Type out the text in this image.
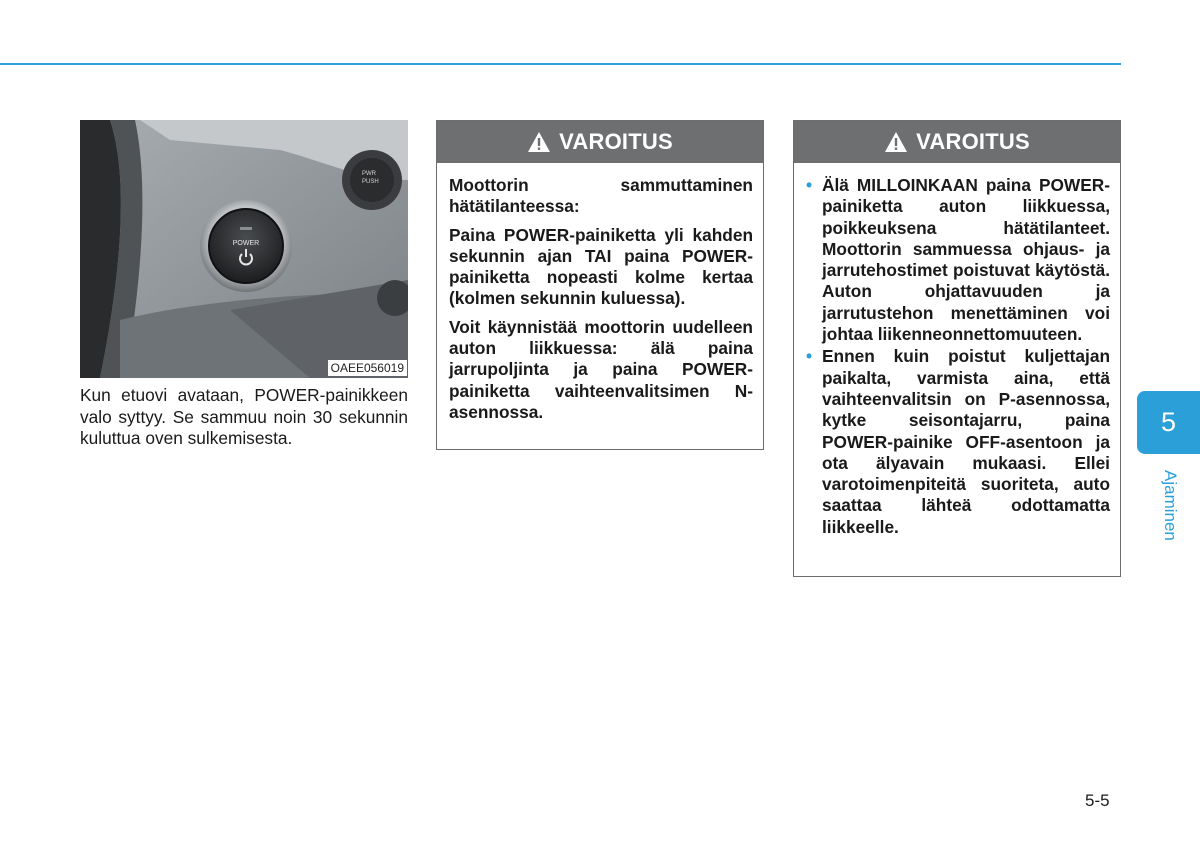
POWER
PWR
PUSH
OAEE056019

Kun etuovi avataan, POWER-painikkeen valo syttyy. Se sammuu noin 30 sekunnin kuluttua oven sulkemisesta.

VAROITUS

Moottorin sammuttaminen hätätilanteessa:

Paina POWER-painiketta yli kahden sekunnin ajan TAI paina POWER-painiketta nopeasti kolme kertaa (kolmen sekunnin kuluessa).

Voit käynnistää moottorin uudelleen auton liikkuessa: älä paina jarrupoljinta ja paina POWER-painiketta vaihteenvalitsimen N-asennossa.

VAROITUS
• Älä MILLOINKAAN paina POWER-painiketta auton liikkuessa, poikkeuksena hätätilanteet. Moottorin sammuessa ohjaus- ja jarrutehostimet poistuvat käytöstä. Auton ohjattavuuden ja jarrutustehon menettäminen voi johtaa liikenneonnettomuuteen.
• Ennen kuin poistut kuljettajan paikalta, varmista aina, että vaihteenvalitsin on P-asennossa, kytke seisontajarru, paina POWER-painike OFF-asentoon ja ota älyavain mukaasi. Ellei varotoimenpiteitä suoriteta, auto saattaa lähteä odottamatta liikkeelle.
5
Ajaminen
5-5
